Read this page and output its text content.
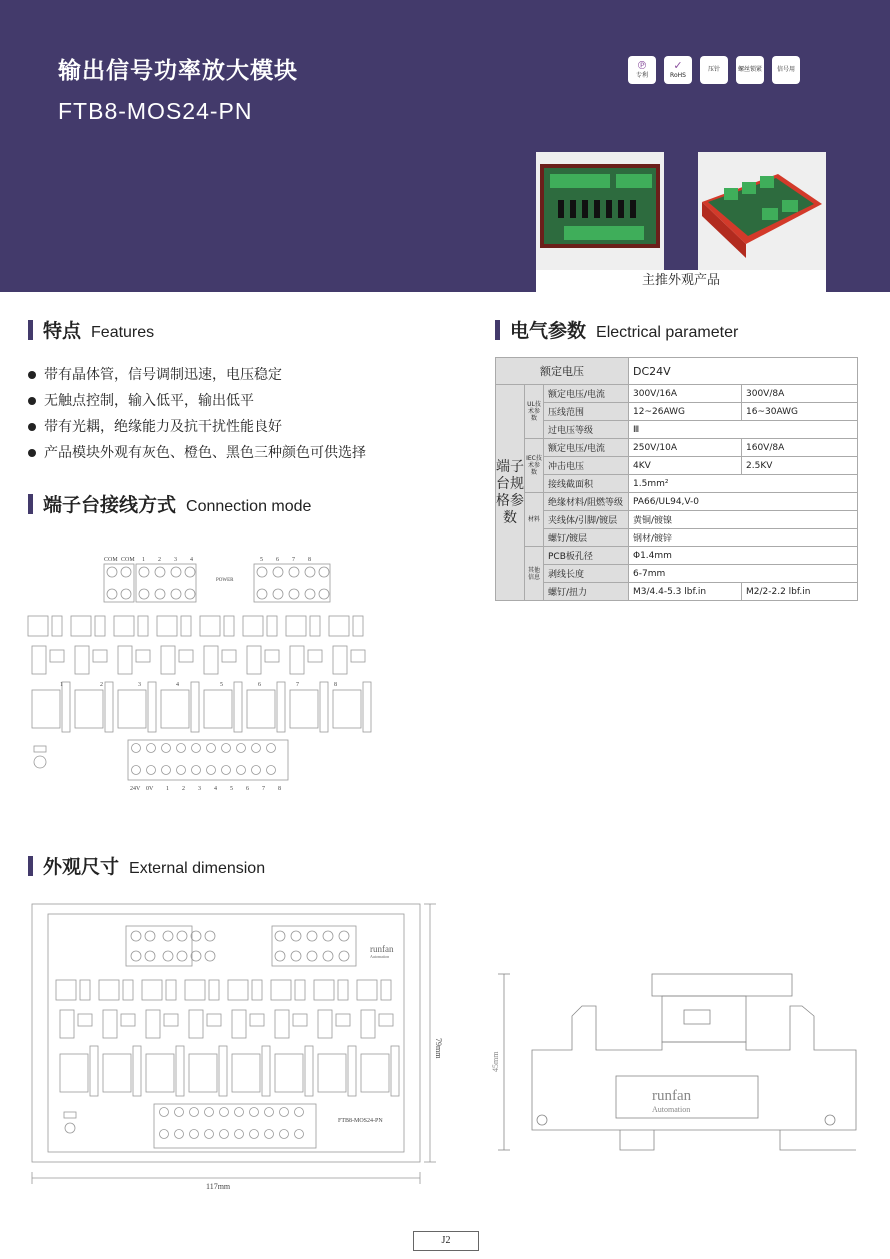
输出信号功率放大模块
FTB8-MOS24-PN
℗
专利
✓
RoHS
压针	螺丝锁紧 信号用
主推外观产品
特点 Features
带有晶体管，信号调制迅速，电压稳定
无触点控制，输入低平，输出低平
带有光耦，绝缘能力及抗干扰性能良好
产品模块外观有灰色、橙色、黑色三种颜色可供选择
电气参数 Electrical parameter
额定电压			DC24V	
端子台规格参数	UL技术参数	额定电压/电流	300V/16A	300V/8A
		压线范围	12~26AWG	16~30AWG
		过电压等级	Ⅲ	
	IEC技术参数	额定电压/电流	250V/10A	160V/8A
		冲击电压	4KV	2.5KV
		接线截面积	1.5mm²	
	材料	绝缘材料/阻燃等级	PA66/UL94,V-0	
		夹线体/引脚/镀层	黄铜/镀镍	
		螺钉/镀层	钢材/镀锌	
	其他信息	PCB板孔径	Φ1.4mm	
		剥线长度	6-7mm	
		螺钉/扭力	M3/4.4-5.3 lbf.in	M2/2-2.2 lbf.in
端子台接线方式 Connection mode
COM COM 1 2 3 4	5 6 7 8
POWER
1	2	3	4	5	6	7	8
24V 0V 1 2 3 4 5 6 7 8
外观尺寸 External dimension
117mm
79mm
FTB8-MOS24-PN
runfan
Automation
45mm
runfan
Automation
J2
